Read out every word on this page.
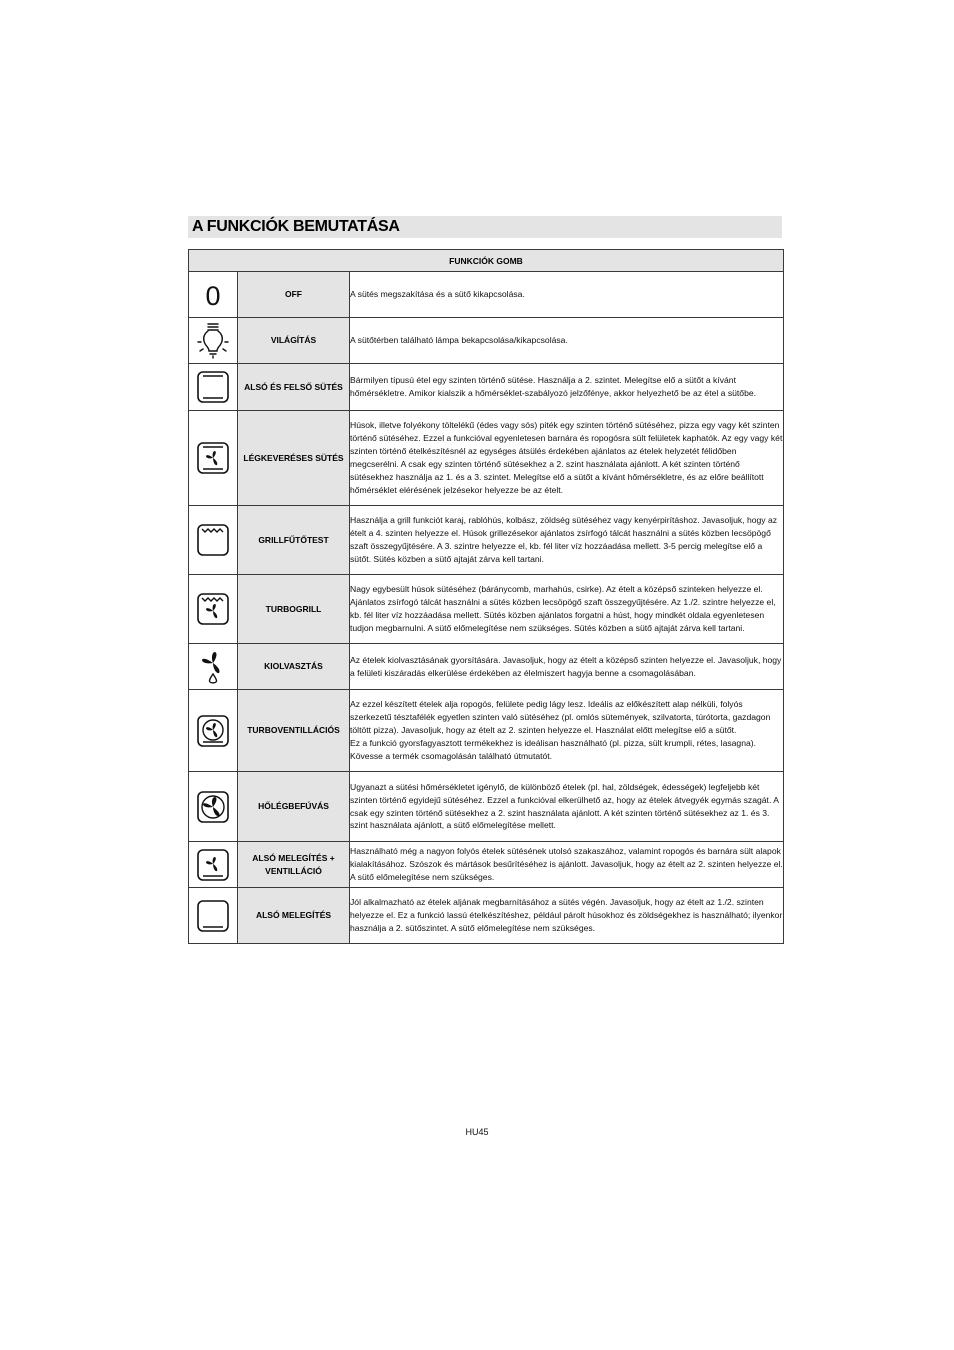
A FUNKCIÓK BEMUTATÁSA
FUNKCIÓK GOMB		

0	OFF	A sütés megszakítása és a sütő kikapcsolása.

	VILÁGÍTÁS	A sütőtérben található lámpa bekapcsolása/kikapcsolása.

	ALSÓ ÉS FELSŐ SÜTÉS	Bármilyen típusú étel egy szinten történő sütése. Használja a 2. szintet. Melegítse elő a sütőt a kívánt hőmérsékletre. Amikor kialszik a hőmérséklet-szabályozó jelzőfénye, akkor helyezhető be az étel a sütőbe.

	LÉGKEVERÉSES SÜTÉS	Húsok, illetve folyékony töltelékű (édes vagy sós) piték egy szinten történő sütéséhez, pizza egy vagy két szinten történő sütéséhez. Ezzel a funkcióval egyenletesen barnára és ropogósra sült felületek kaphatók. Az egy vagy két szinten történő ételkészítésnél az egységes átsülés érdekében ajánlatos az ételek helyzetét félidőben megcserélni. A csak egy szinten történő sütésekhez a 2. szint használata ajánlott. A két szinten történő sütésekhez használja az 1. és a 3. szintet. Melegítse elő a sütőt a kívánt hőmérsékletre, és az előre beállított hőmérséklet elérésének jelzésekor helyezze be az ételt.

	GRILLFŰTŐTEST	Használja a grill funkciót karaj, rablóhús, kolbász, zöldség sütéséhez vagy kenyérpirításhoz. Javasoljuk, hogy az ételt a 4. szinten helyezze el. Húsok grillezésekor ajánlatos zsírfogó tálcát használni a sütés közben lecsöpögő szaft összegyűjtésére. A 3. szintre helyezze el, kb. fél liter víz hozzáadása mellett. 3-5 percig melegítse elő a sütőt. Sütés közben a sütő ajtaját zárva kell tartani.

	TURBOGRILL	Nagy egybesült húsok sütéséhez (báránycomb, marhahús, csirke). Az ételt a középső szinteken helyezze el. Ajánlatos zsírfogó tálcát használni a sütés közben lecsöpögő szaft összegyűjtésére. Az 1./2. szintre helyezze el, kb. fél liter víz hozzáadása mellett. Sütés közben ajánlatos forgatni a húst, hogy mindkét oldala egyenletesen tudjon megbarnulni. A sütő előmelegítése nem szükséges. Sütés közben a sütő ajtaját zárva kell tartani.

	KIOLVASZTÁS	Az ételek kiolvasztásának gyorsítására. Javasoljuk, hogy az ételt a középső szinten helyezze el. Javasoljuk, hogy a felületi kiszáradás elkerülése érdekében az élelmiszert hagyja benne a csomagolásában.

	TURBOVENTILLÁCIÓS	Az ezzel készített ételek alja ropogós, felülete pedig lágy lesz. Ideális az előkészített alap nélküli, folyós szerkezetű tésztafélék egyetlen szinten való sütéséhez (pl. omlós sütemények, szilvatorta, túrótorta, gazdagon töltött pizza). Javasoljuk, hogy az ételt az 2. szinten helyezze el. Használat előtt melegítse elő a sütőt.
Ez a funkció gyorsfagyasztott termékekhez is ideálisan használható (pl. pizza, sült krumpli, rétes, lasagna). Kövesse a termék csomagolásán található útmutatót.

	HŐLÉGBEFÚVÁS	Ugyanazt a sütési hőmérsékletet igénylő, de különböző ételek (pl. hal, zöldségek, édességek) legfeljebb két szinten történő egyidejű sütéséhez. Ezzel a funkcióval elkerülhető az, hogy az ételek átvegyék egymás szagát. A csak egy szinten történő sütésekhez a 2. szint használata ajánlott. A két szinten történő sütésekhez az 1. és 3. szint használata ajánlott, a sütő előmelegítése mellett.

	ALSÓ MELEGÍTÉS + VENTILLÁCIÓ	Használható még a nagyon folyós ételek sütésének utolsó szakaszához, valamint ropogós és barnára sült alapok kialakításához. Szószok és mártások besűrítéséhez is ajánlott. Javasoljuk, hogy az ételt az 2. szinten helyezze el. A sütő előmelegítése nem szükséges.

	ALSÓ MELEGÍTÉS	Jól alkalmazható az ételek aljának megbarnításához a sütés végén. Javasoljuk, hogy az ételt az 1./2. szinten helyezze el. Ez a funkció lassú ételkészítéshez, például párolt húsokhoz és zöldségekhez is használható; ilyenkor használja a 2. sütőszintet. A sütő előmelegítése nem szükséges.
HU45
